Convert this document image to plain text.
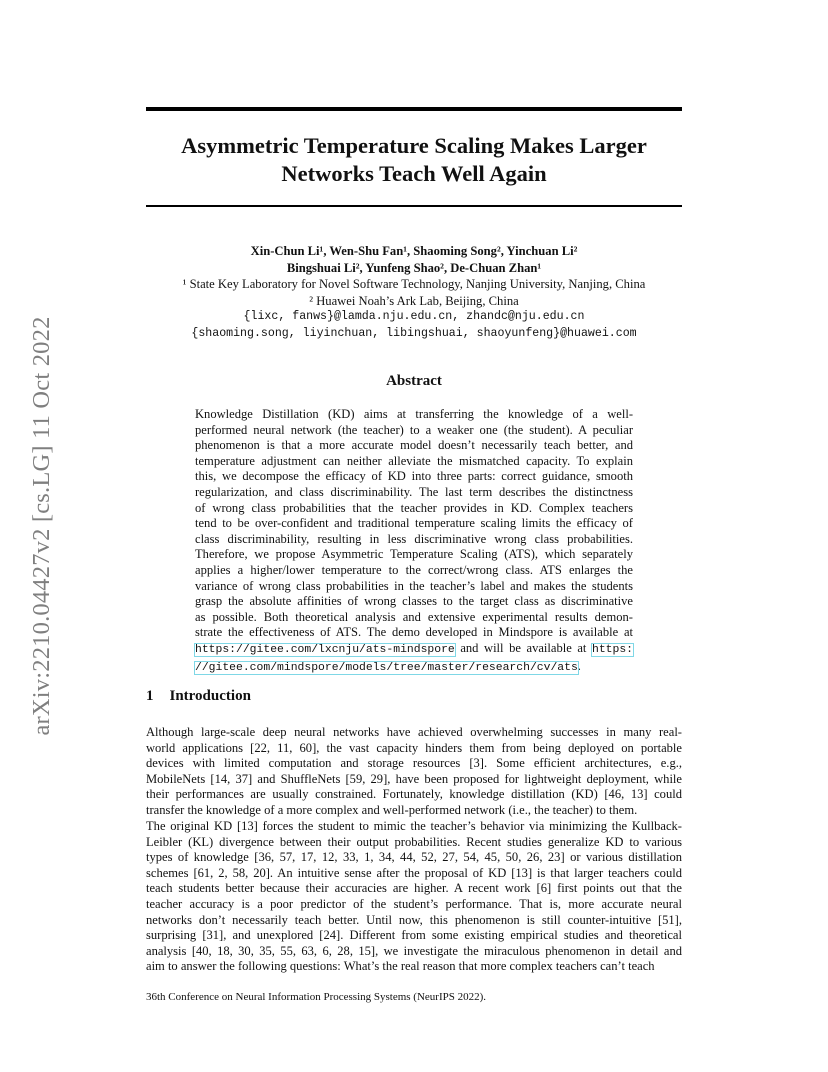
arXiv:2210.04427v2 [cs.LG] 11 Oct 2022
Asymmetric Temperature Scaling Makes Larger
Networks Teach Well Again
Xin-Chun Li¹, Wen-Shu Fan¹, Shaoming Song², Yinchuan Li²
Bingshuai Li², Yunfeng Shao², De-Chuan Zhan¹
¹ State Key Laboratory for Novel Software Technology, Nanjing University, Nanjing, China
² Huawei Noah’s Ark Lab, Beijing, China
{lixc, fanws}@lamda.nju.edu.cn, zhandc@nju.edu.cn
{shaoming.song, liyinchuan, libingshuai, shaoyunfeng}@huawei.com
Abstract
Knowledge Distillation (KD) aims at transferring the knowledge of a well-
performed neural network (the teacher) to a weaker one (the student). A peculiar
phenomenon is that a more accurate model doesn’t necessarily teach better, and
temperature adjustment can neither alleviate the mismatched capacity. To explain
this, we decompose the efficacy of KD into three parts: correct guidance, smooth
regularization, and class discriminability. The last term describes the distinctness
of wrong class probabilities that the teacher provides in KD. Complex teachers
tend to be over-confident and traditional temperature scaling limits the efficacy of
class discriminability, resulting in less discriminative wrong class probabilities.
Therefore, we propose Asymmetric Temperature Scaling (ATS), which separately
applies a higher/lower temperature to the correct/wrong class. ATS enlarges the
variance of wrong class probabilities in the teacher’s label and makes the students
grasp the absolute affinities of wrong classes to the target class as discriminative
as possible. Both theoretical analysis and extensive experimental results demon-
strate the effectiveness of ATS. The demo developed in Mindspore is available at
https://gitee.com/lxcnju/ats-mindspore and will be available at https:
//gitee.com/mindspore/models/tree/master/research/cv/ats.
1 Introduction
Although large-scale deep neural networks have achieved overwhelming successes in many real-
world applications [22, 11, 60], the vast capacity hinders them from being deployed on portable
devices with limited computation and storage resources [3]. Some efficient architectures, e.g.,
MobileNets [14, 37] and ShuffleNets [59, 29], have been proposed for lightweight deployment, while
their performances are usually constrained. Fortunately, knowledge distillation (KD) [46, 13] could
transfer the knowledge of a more complex and well-performed network (i.e., the teacher) to them.
The original KD [13] forces the student to mimic the teacher’s behavior via minimizing the Kullback-
Leibler (KL) divergence between their output probabilities. Recent studies generalize KD to various
types of knowledge [36, 57, 17, 12, 33, 1, 34, 44, 52, 27, 54, 45, 50, 26, 23] or various distillation
schemes [61, 2, 58, 20]. An intuitive sense after the proposal of KD [13] is that larger teachers could
teach students better because their accuracies are higher. A recent work [6] first points out that the
teacher accuracy is a poor predictor of the student’s performance. That is, more accurate neural
networks don’t necessarily teach better. Until now, this phenomenon is still counter-intuitive [51],
surprising [31], and unexplored [24]. Different from some existing empirical studies and theoretical
analysis [40, 18, 30, 35, 55, 63, 6, 28, 15], we investigate the miraculous phenomenon in detail and
aim to answer the following questions: What’s the real reason that more complex teachers can’t teach
36th Conference on Neural Information Processing Systems (NeurIPS 2022).
